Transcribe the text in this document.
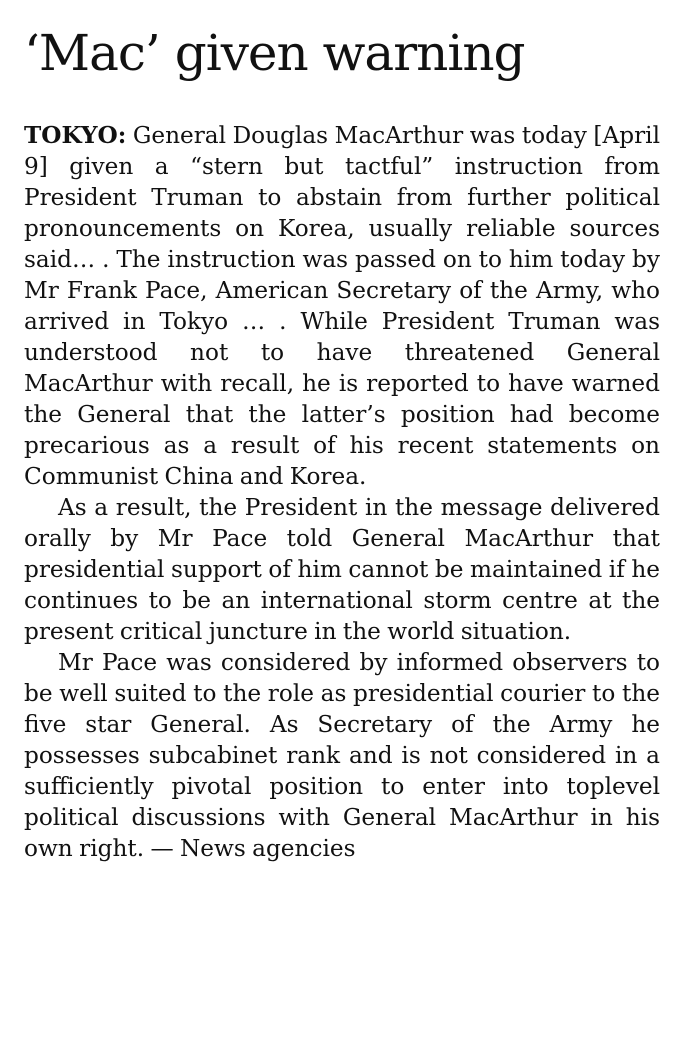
‘Mac’ given warning

TOKYO: General Douglas MacArthur was today [April 9] given a “stern but tactful” instruction from President Truman to abstain from further political pronouncements on Korea, usually reliable sources said… . The instruction was passed on to him today by Mr Frank Pace, American Secretary of the Army, who arrived in Tokyo … . While President Truman was understood not to have threatened General MacArthur with recall, he is reported to have warned the General that the latter’s position had become precarious as a result of his recent statements on Communist China and Korea.

As a result, the President in the message delivered orally by Mr Pace told General MacArthur that presidential support of him cannot be maintained if he continues to be an international storm centre at the present critical juncture in the world situation.

Mr Pace was considered by informed observers to be well suited to the role as presidential courier to the five star General. As Secretary of the Army he possesses subcabinet rank and is not considered in a sufficiently pivotal position to enter into toplevel political discussions with General MacArthur in his own right. — News agencies
